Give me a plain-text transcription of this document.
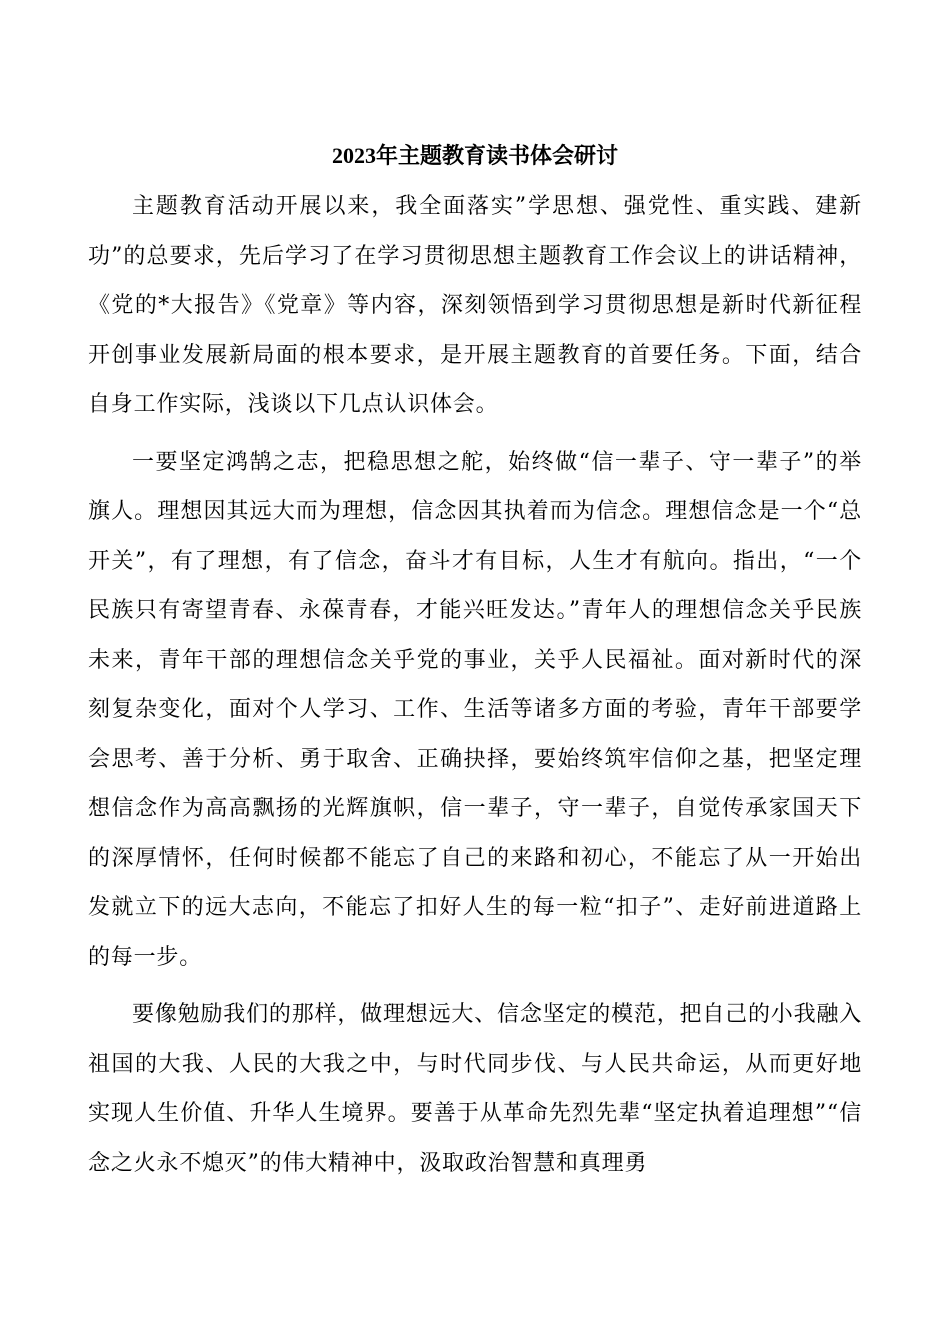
2023年主题教育读书体会研讨

主题教育活动开展以来，我全面落实”学思想、强党性、重实践、建新功”的总要求，先后学习了在学习贯彻思想主题教育工作会议上的讲话精神，《党的*大报告》《党章》等内容，深刻领悟到学习贯彻思想是新时代新征程开创事业发展新局面的根本要求，是开展主题教育的首要任务。下面，结合自身工作实际，浅谈以下几点认识体会。

一要坚定鸿鹄之志，把稳思想之舵，始终做“信一辈子、守一辈子”的举旗人。理想因其远大而为理想，信念因其执着而为信念。理想信念是一个“总开关”，有了理想，有了信念，奋斗才有目标，人生才有航向。指出，“一个民族只有寄望青春、永葆青春，才能兴旺发达。”青年人的理想信念关乎民族未来，青年干部的理想信念关乎党的事业，关乎人民福祉。面对新时代的深刻复杂变化，面对个人学习、工作、生活等诸多方面的考验，青年干部要学会思考、善于分析、勇于取舍、正确抉择，要始终筑牢信仰之基，把坚定理想信念作为高高飘扬的光辉旗帜，信一辈子，守一辈子，自觉传承家国天下的深厚情怀，任何时候都不能忘了自己的来路和初心，不能忘了从一开始出发就立下的远大志向，不能忘了扣好人生的每一粒“扣子”、走好前进道路上的每一步。

要像勉励我们的那样，做理想远大、信念坚定的模范，把自己的小我融入祖国的大我、人民的大我之中，与时代同步伐、与人民共命运，从而更好地实现人生价值、升华人生境界。要善于从革命先烈先辈“坚定执着追理想”“信念之火永不熄灭”的伟大精神中，汲取政治智慧和真理勇
